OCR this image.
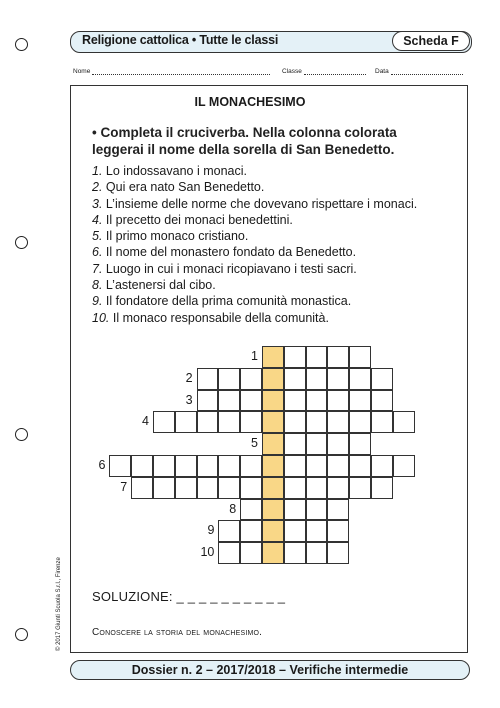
Religione cattolica • Tutte le classi	Scheda F
Nome	Classe	Data
IL MONACHESIMO
• Completa il cruciverba. Nella colonna colorata leggerai il nome della sorella di San Benedetto.
1. Lo indossavano i monaci.
2. Qui era nato San Benedetto.
3. L’insieme delle norme che dovevano rispettare i monaci.
4. Il precetto dei monaci benedettini.
5. Il primo monaco cristiano.
6. Il nome del monastero fondato da Benedetto.
7. Luogo in cui i monaci ricopiavano i testi sacri.
8. L’astenersi dal cibo.
9. Il fondatore della prima comunità monastica.
10. Il monaco responsabile della comunità.
1
2
3
4
5
6
7
8
9
10
SOLUZIONE: _ _ _ _ _ _ _ _ _ _
Conoscere la storia del monachesimo.
© 2017 Giunti Scuola S.r.l., Firenze
Dossier n. 2 – 2017/2018 – Verifiche intermedie
